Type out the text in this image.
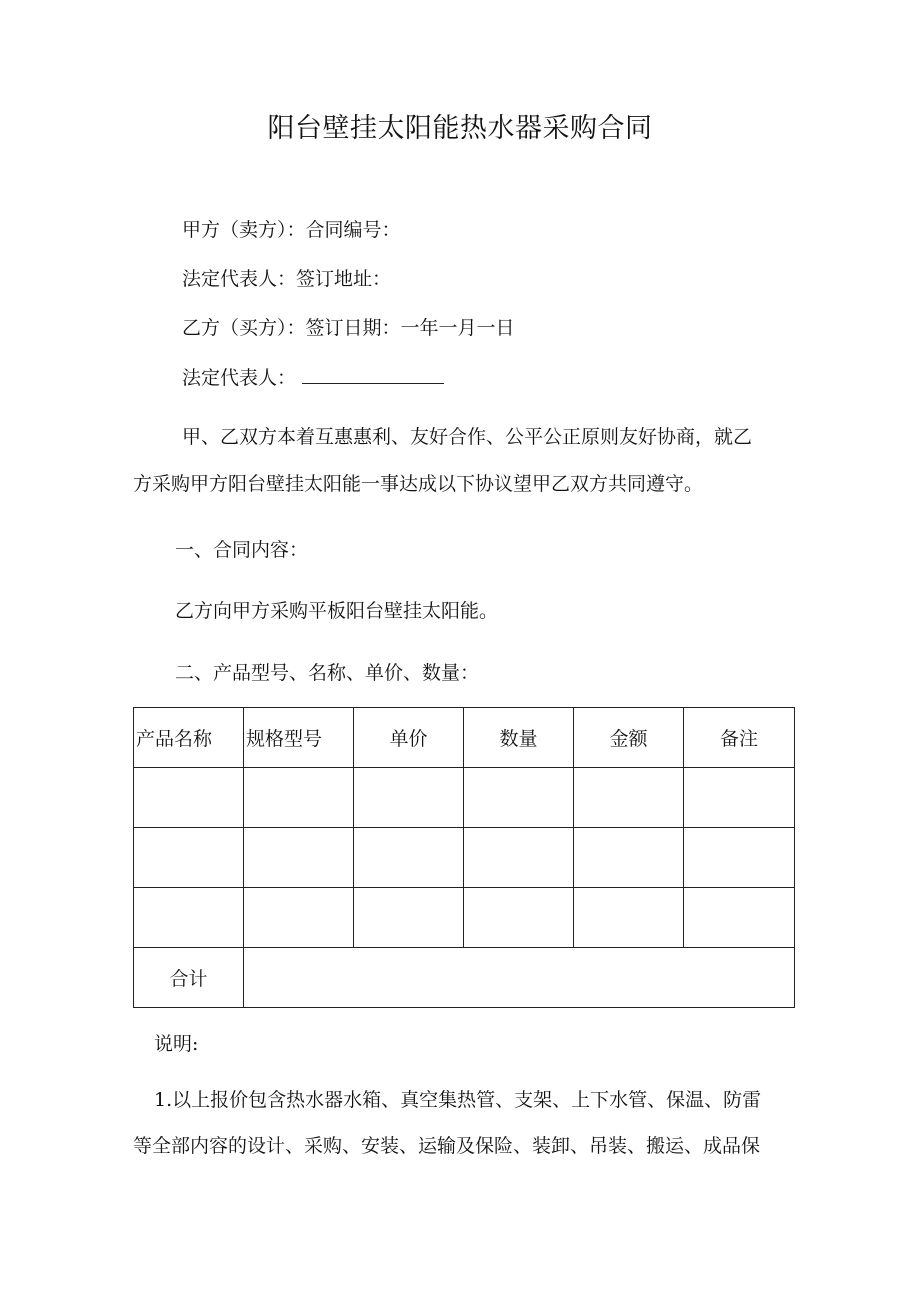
阳台壁挂太阳能热水器采购合同
甲方（卖方）：合同编号：
法定代表人：签订地址：
乙方（买方）：签订日期：一年一月一日
法定代表人：
甲、乙双方本着互惠惠利、友好合作、公平公正原则友好协商，就乙
方采购甲方阳台壁挂太阳能一事达成以下协议望甲乙双方共同遵守。
一、合同内容：
乙方向甲方采购平板阳台壁挂太阳能。
二、产品型号、名称、单价、数量：
产品名称	规格型号	单价	数量	金额	备注

合计					
说明:
1.以上报价包含热水器水箱、真空集热管、支架、上下水管、保温、防雷
等全部内容的设计、采购、安装、运输及保险、装卸、吊装、搬运、成品保
